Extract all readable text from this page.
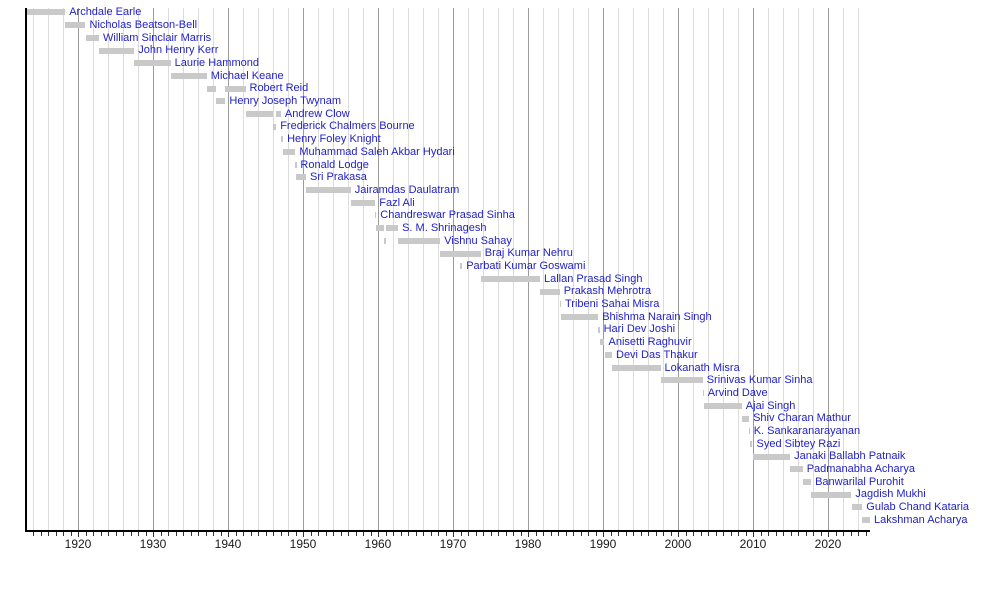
Archdale Earle
Nicholas Beatson-Bell
William Sinclair Marris
John Henry Kerr
Laurie Hammond
Michael Keane
Robert Reid
Henry Joseph Twynam
Andrew Clow
Frederick Chalmers Bourne
Henry Foley Knight
Muhammad Saleh Akbar Hydari
Ronald Lodge
Sri Prakasa
Jairamdas Daulatram
Fazl Ali
Chandreswar Prasad Sinha
S. M. Shrinagesh
Vishnu Sahay
Braj Kumar Nehru
Parbati Kumar Goswami
Lallan Prasad Singh
Prakash Mehrotra
Tribeni Sahai Misra
Bhishma Narain Singh
Hari Dev Joshi
Anisetti Raghuvir
Devi Das Thakur
Lokanath Misra
Srinivas Kumar Sinha
Arvind Dave
Ajai Singh
Shiv Charan Mathur
K. Sankaranarayanan
Syed Sibtey Razi
Janaki Ballabh Patnaik
Padmanabha Acharya
Banwarilal Purohit
Jagdish Mukhi
Gulab Chand Kataria
Lakshman Acharya
1920	1930	1940	1950	1960	1970	1980	1990	2000	2010	2020
